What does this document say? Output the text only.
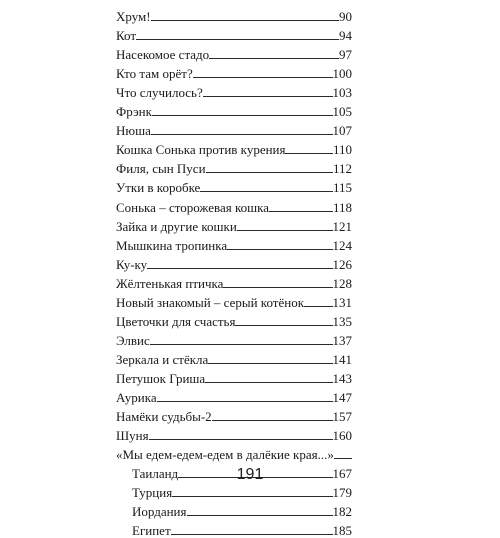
Хрум!	90
Кот	94
Насекомое стадо	97
Кто там орёт?	100
Что случилось?	103
Фрэнк	105
Нюша	107
Кошка Сонька против курения	110
Филя, сын Пуси	112
Утки в коробке	115
Сонька – сторожевая кошка	118
Зайка и другие кошки	121
Мышкина тропинка	124
Ку-ку	126
Жёлтенькая птичка	128
Новый знакомый – серый котёнок 131
Цветочки для счастья	135
Элвис	137
Зеркала и стёкла	141
Петушок Гриша	143
Аурика	147
Намёки судьбы-2	157
Шуня	160
«Мы едем-едем-едем в далёкие края...»
Таиланд	167
Турция	179
Иордания	182
Египет	185
191
